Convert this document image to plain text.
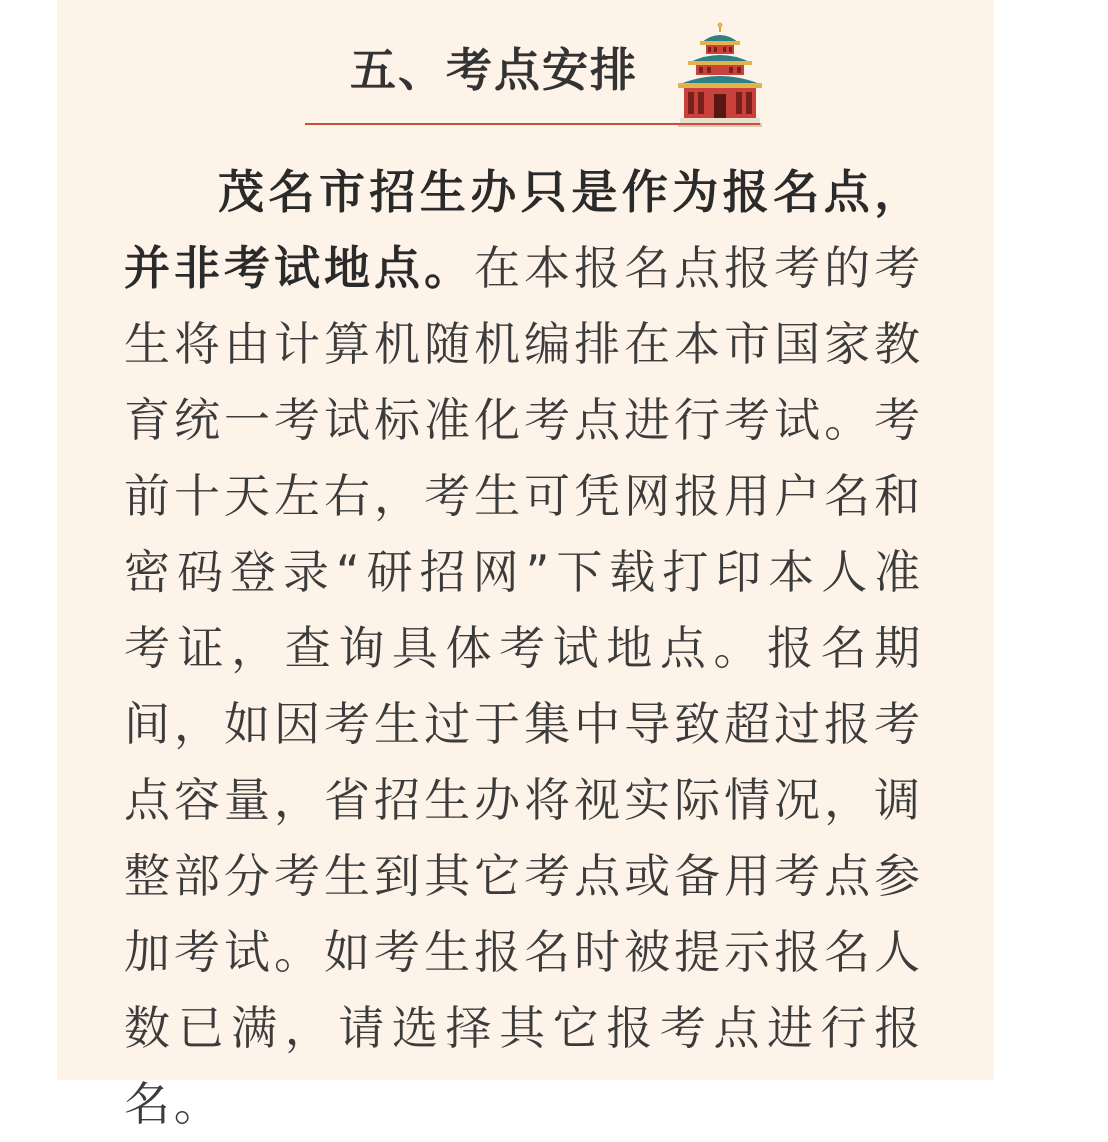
五、考点安排
茂名市招生办只是作为报名点，并非考试地点。在本报名点报考的考生将由计算机随机编排在本市国家教育统一考试标准化考点进行考试。考前十天左右，考生可凭网报用户名和密码登录“研招网”下载打印本人准考证，查询具体考试地点。报名期间，如因考生过于集中导致超过报考点容量，省招生办将视实际情况，调整部分考生到其它考点或备用考点参加考试。如考生报名时被提示报名人数已满，请选择其它报考点进行报名。
